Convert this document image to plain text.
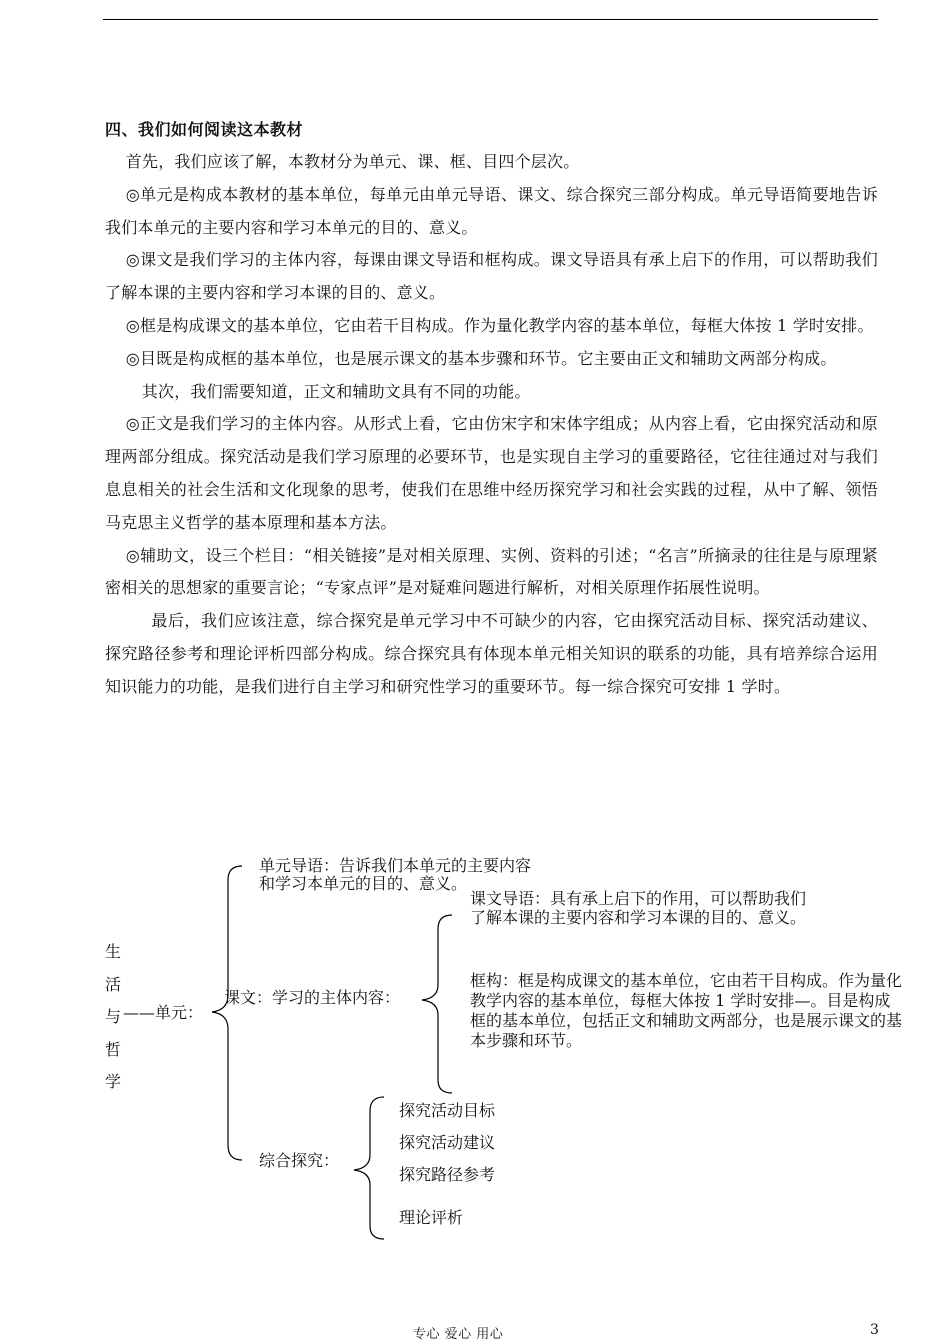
四、我们如何阅读这本教材

首先，我们应该了解，本教材分为单元、课、框、目四个层次。

◎单元是构成本教材的基本单位，每单元由单元导语、课文、综合探究三部分构成。单元导语简要地告诉我们本单元的主要内容和学习本单元的目的、意义。

◎课文是我们学习的主体内容，每课由课文导语和框构成。课文导语具有承上启下的作用，可以帮助我们了解本课的主要内容和学习本课的目的、意义。

◎框是构成课文的基本单位，它由若干目构成。作为量化教学内容的基本单位，每框大体按 1 学时安排。

◎目既是构成框的基本单位，也是展示课文的基本步骤和环节。它主要由正文和辅助文两部分构成。

其次，我们需要知道，正文和辅助文具有不同的功能。

◎正文是我们学习的主体内容。从形式上看，它由仿宋字和宋体字组成；从内容上看，它由探究活动和原理两部分组成。探究活动是我们学习原理的必要环节，也是实现自主学习的重要路径，它往往通过对与我们息息相关的社会生活和文化现象的思考，使我们在思维中经历探究学习和社会实践的过程，从中了解、领悟马克思主义哲学的基本原理和基本方法。

◎辅助文，设三个栏目：“相关链接”是对相关原理、实例、资料的引述；“名言”所摘录的往往是与原理紧密相关的思想家的重要言论；“专家点评”是对疑难问题进行解析，对相关原理作拓展性说明。

最后，我们应该注意，综合探究是单元学习中不可缺少的内容，它由探究活动目标、探究活动建议、探究路径参考和理论评析四部分构成。综合探究具有体现本单元相关知识的联系的功能，具有培养综合运用知识能力的功能，是我们进行自主学习和研究性学习的重要环节。每一综合探究可安排 1 学时。

生
活
与
哲
学
——单元：
单元导语：告诉我们本单元的主要内容
和学习本单元的目的、意义。
课文：学习的主体内容：
课文导语：具有承上启下的作用，可以帮助我们
了解本课的主要内容和学习本课的目的、意义。
框构：框是构成课文的基本单位，它由若干目构成。作为量化教学内容的基本单位，每框大体按 1 学时安排—。目是构成框的基本单位，包括正文和辅助文两部分，也是展示课文的基本步骤和环节。
综合探究：
探究活动目标
探究活动建议
探究路径参考
理论评析
专心 爱心 用心	3
